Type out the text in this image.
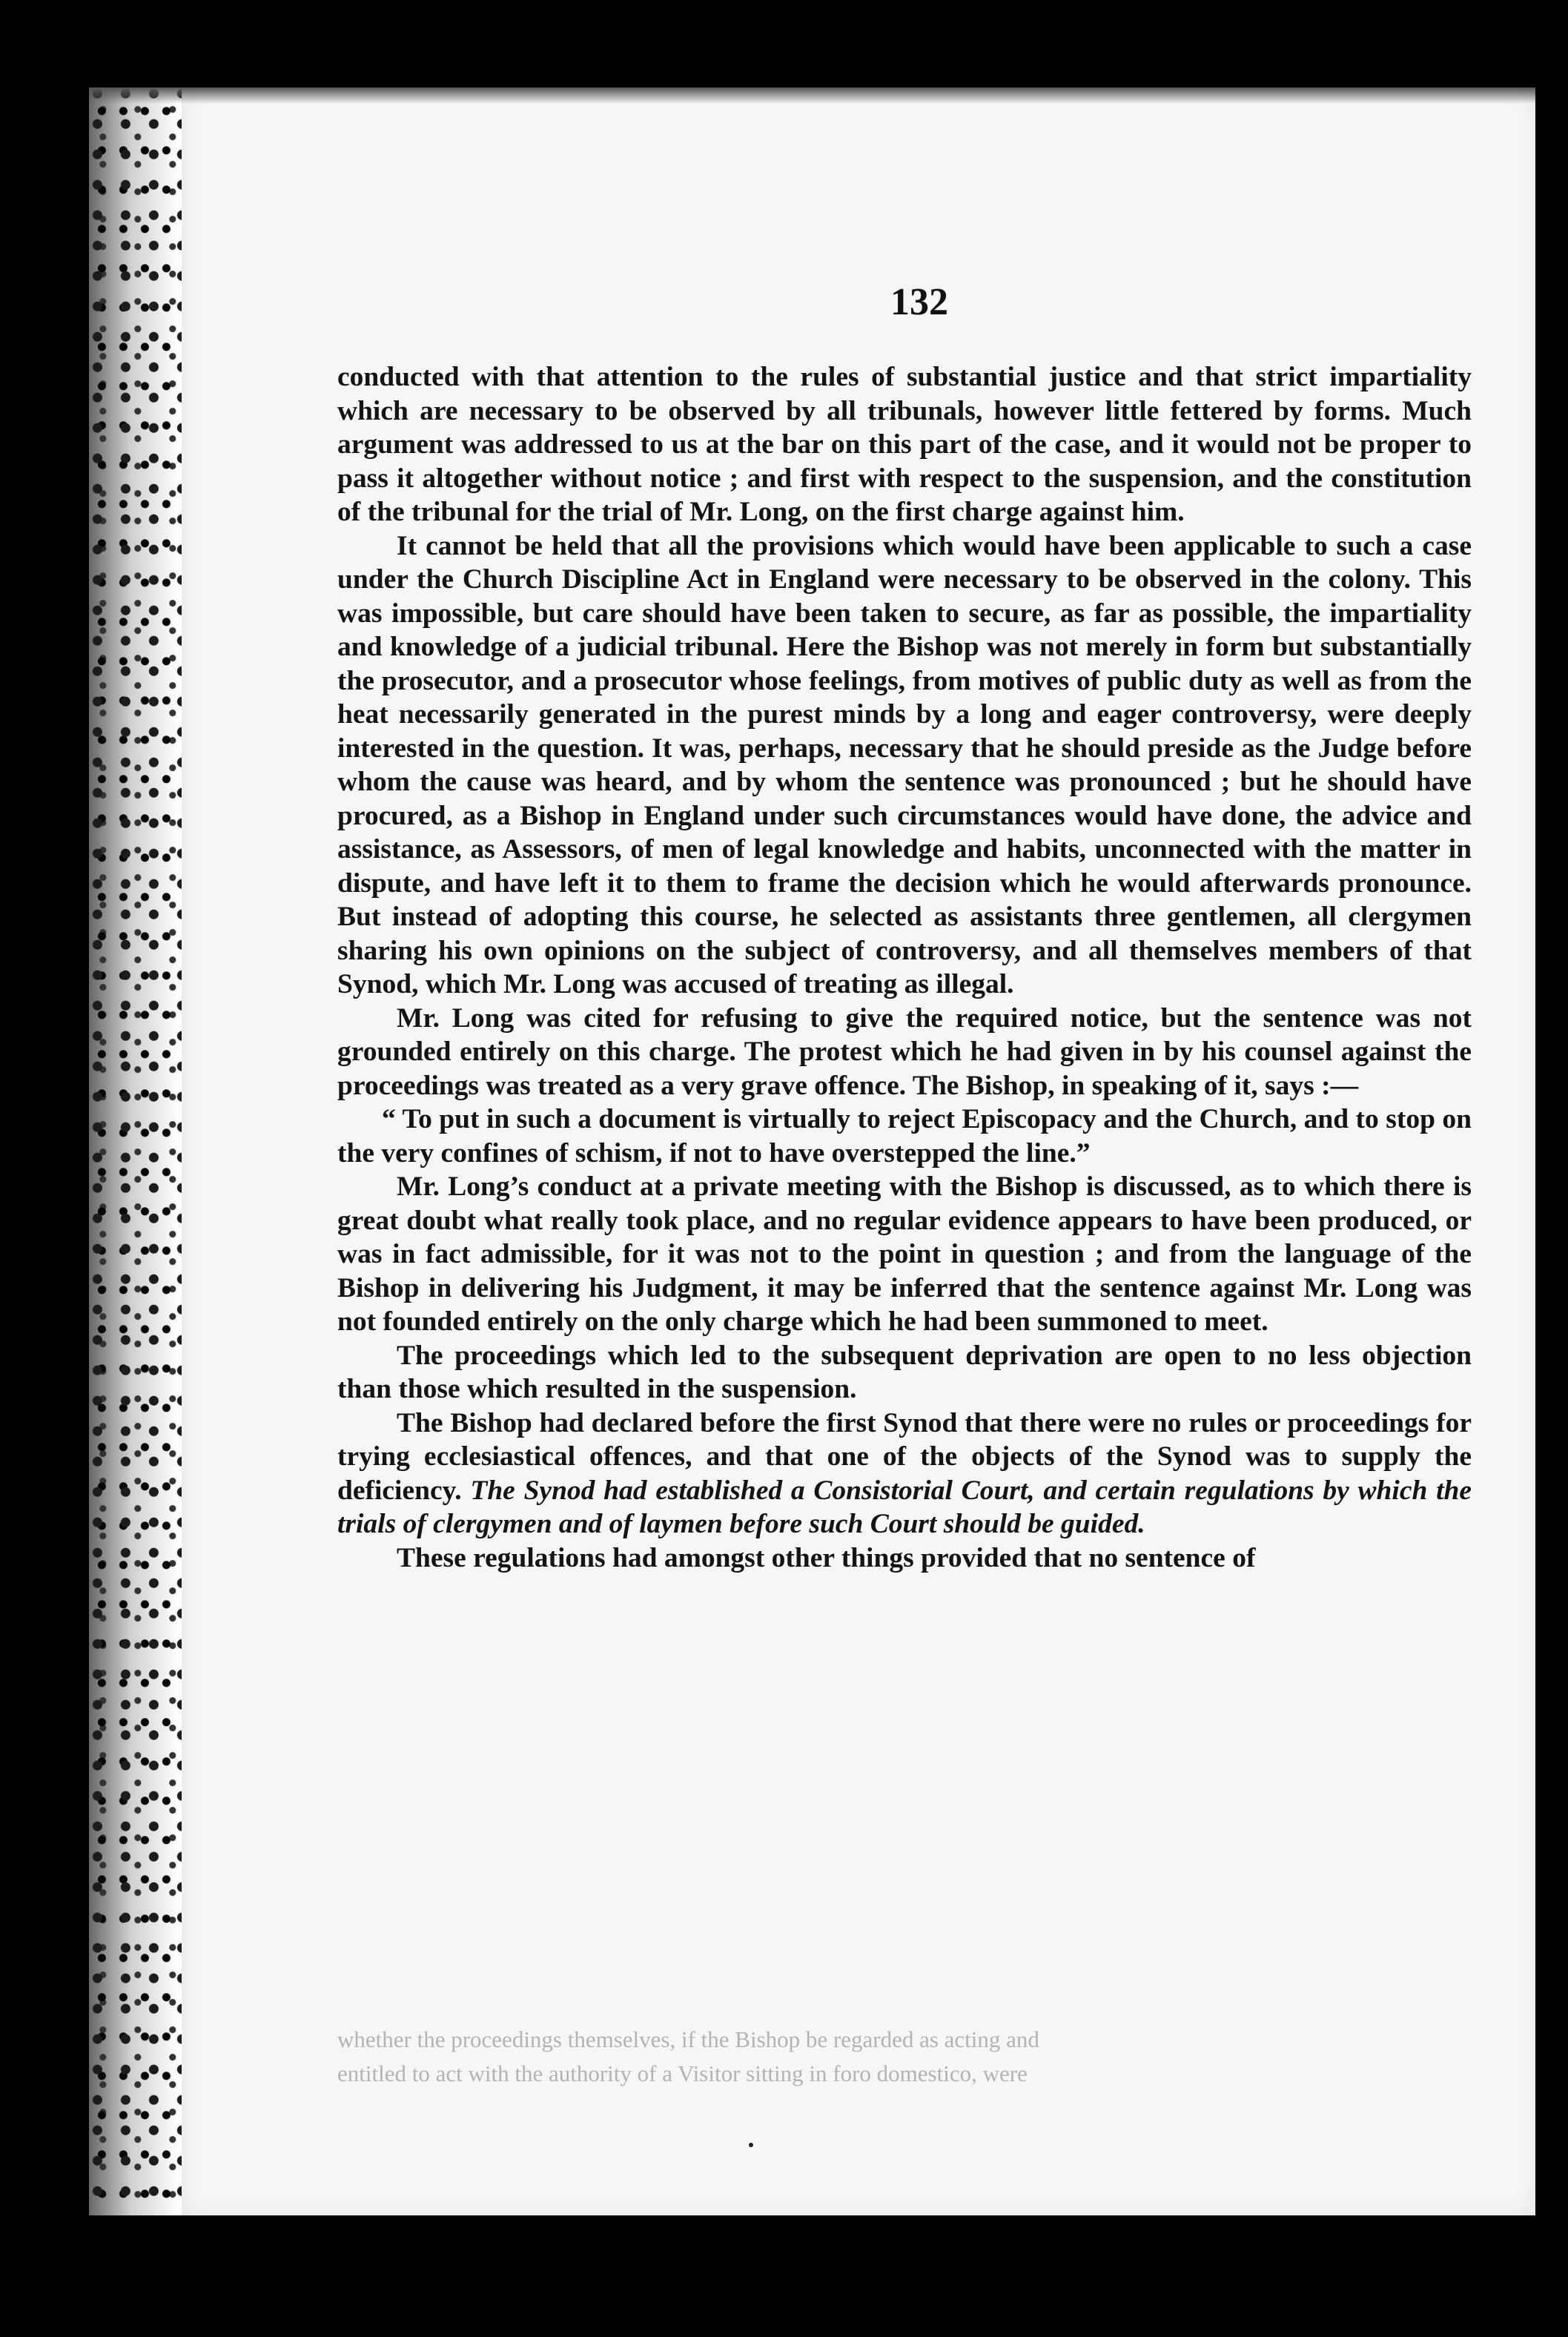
132

conducted with that attention to the rules of substantial justice and that strict impartiality which are necessary to be observed by all tribunals, however little fettered by forms. Much argument was addressed to us at the bar on this part of the case, and it would not be proper to pass it altogether without notice ; and first with respect to the suspension, and the constitution of the tribunal for the trial of Mr. Long, on the first charge against him.

It cannot be held that all the provisions which would have been applicable to such a case under the Church Discipline Act in England were necessary to be observed in the colony. This was impossible, but care should have been taken to secure, as far as possible, the impartiality and knowledge of a judicial tribunal. Here the Bishop was not merely in form but substantially the prosecutor, and a prosecutor whose feelings, from motives of public duty as well as from the heat necessarily generated in the purest minds by a long and eager controversy, were deeply interested in the question. It was, perhaps, necessary that he should preside as the Judge before whom the cause was heard, and by whom the sentence was pronounced ; but he should have procured, as a Bishop in England under such circumstances would have done, the advice and assistance, as Assessors, of men of legal knowledge and habits, unconnected with the matter in dispute, and have left it to them to frame the decision which he would afterwards pronounce. But instead of adopting this course, he selected as assistants three gentlemen, all clergymen sharing his own opinions on the subject of controversy, and all themselves members of that Synod, which Mr. Long was accused of treating as illegal.

Mr. Long was cited for refusing to give the required notice, but the sentence was not grounded entirely on this charge. The protest which he had given in by his counsel against the proceedings was treated as a very grave offence. The Bishop, in speaking of it, says :—

“ To put in such a document is virtually to reject Episcopacy and the Church, and to stop on the very confines of schism, if not to have overstepped the line.”

Mr. Long’s conduct at a private meeting with the Bishop is discussed, as to which there is great doubt what really took place, and no regular evidence appears to have been produced, or was in fact admissible, for it was not to the point in question ; and from the language of the Bishop in delivering his Judgment, it may be inferred that the sentence against Mr. Long was not founded entirely on the only charge which he had been summoned to meet.

The proceedings which led to the subsequent deprivation are open to no less objection than those which resulted in the suspension.

The Bishop had declared before the first Synod that there were no rules or proceedings for trying ecclesiastical offences, and that one of the objects of the Synod was to supply the deficiency. The Synod had established a Consistorial Court, and certain regulations by which the trials of clergymen and of laymen before such Court should be guided.

These regulations had amongst other things provided that no sentence of

whether the proceedings themselves, if the Bishop be regarded as acting and

entitled to act with the authority of a Visitor sitting in foro domestico, were
